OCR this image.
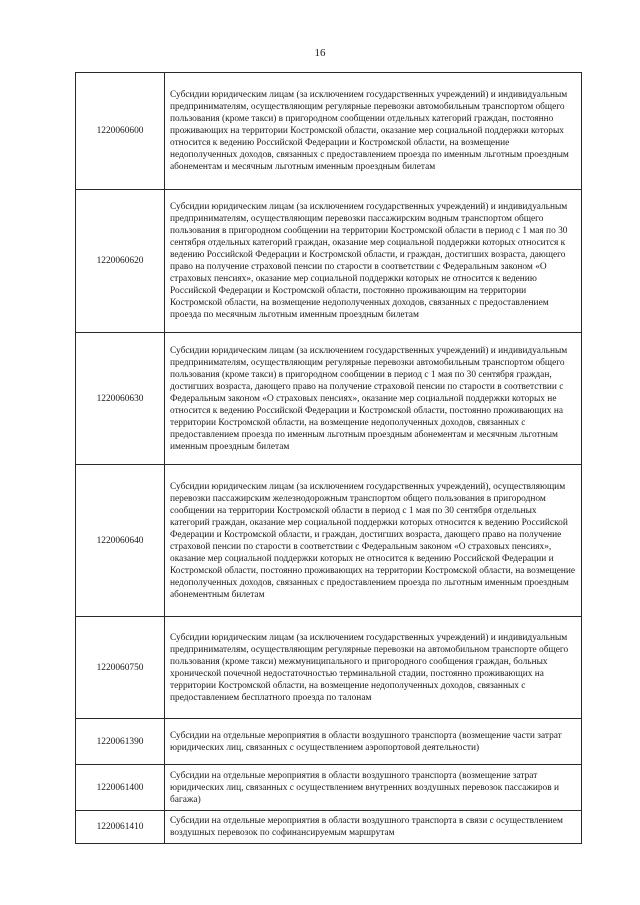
16
1220060600	Субсидии юридическим лицам (за исключением государственных учреждений) и индивидуальным предпринимателям, осуществляющим регулярные перевозки автомобильным транспортом общего пользования (кроме такси) в пригородном сообщении отдельных категорий граждан, постоянно проживающих на территории Костромской области, оказание мер социальной поддержки которых относится к ведению Российской Федерации и Костромской области, на возмещение недополученных доходов, связанных с предоставлением проезда по именным льготным проездным абонементам и месячным льготным именным проездным билетам
1220060620	Субсидии юридическим лицам (за исключением государственных учреждений) и индивидуальным предпринимателям, осуществляющим перевозки пассажирским водным транспортом общего пользования в пригородном сообщении на территории Костромской области в период с 1 мая по 30 сентября отдельных категорий граждан, оказание мер социальной поддержки которых относится к ведению Российской Федерации и Костромской области, и граждан, достигших возраста, дающего право на получение страховой пенсии по старости в соответствии с Федеральным законом «О страховых пенсиях», оказание мер социальной поддержки которых не относится к ведению Российской Федерации и Костромской области, постоянно проживающим на территории Костромской области, на возмещение недополученных доходов, связанных с предоставлением проезда по месячным льготным именным проездным билетам
1220060630	Субсидии юридическим лицам (за исключением государственных учреждений) и индивидуальным предпринимателям, осуществляющим регулярные перевозки автомобильным транспортом общего пользования (кроме такси) в пригородном сообщении в период с 1 мая по 30 сентября граждан, достигших возраста, дающего право на получение страховой пенсии по старости в соответствии с Федеральным законом «О страховых пенсиях», оказание мер социальной поддержки которых не относится к ведению Российской Федерации и Костромской области, постоянно проживающих на территории Костромской области, на возмещение недополученных доходов, связанных с предоставлением проезда по именным льготным проездным абонементам и месячным льготным именным проездным билетам
1220060640	Субсидии юридическим лицам (за исключением государственных учреждений), осуществляющим перевозки пассажирским железнодорожным транспортом общего пользования в пригородном сообщении на территории Костромской области в период с 1 мая по 30 сентября отдельных категорий граждан, оказание мер социальной поддержки которых относится к ведению Российской Федерации и Костромской области, и граждан, достигших возраста, дающего право на получение страховой пенсии по старости в соответствии с Федеральным законом «О страховых пенсиях», оказание мер социальной поддержки которых не относится к ведению Российской Федерации и Костромской области, постоянно проживающих на территории Костромской области, на возмещение недополученных доходов, связанных с предоставлением проезда по льготным именным проездным абонементным билетам
1220060750	Субсидии юридическим лицам (за исключением государственных учреждений) и индивидуальным предпринимателям, осуществляющим регулярные перевозки на автомобильном транспорте общего пользования (кроме такси) межмуниципального и пригородного сообщения граждан, больных хронической почечной недостаточностью терминальной стадии, постоянно проживающих на территории Костромской области, на возмещение недополученных доходов, связанных с предоставлением бесплатного проезда по талонам
1220061390	Субсидии на отдельные мероприятия в области воздушного транспорта (возмещение части затрат юридических лиц, связанных с осуществлением аэропортовой деятельности)
1220061400	Субсидии на отдельные мероприятия в области воздушного транспорта (возмещение затрат юридических лиц, связанных с осуществлением внутренних воздушных перевозок пассажиров и багажа)
1220061410	Субсидии на отдельные мероприятия в области воздушного транспорта в связи с осуществлением воздушных перевозок по софинансируемым маршрутам
